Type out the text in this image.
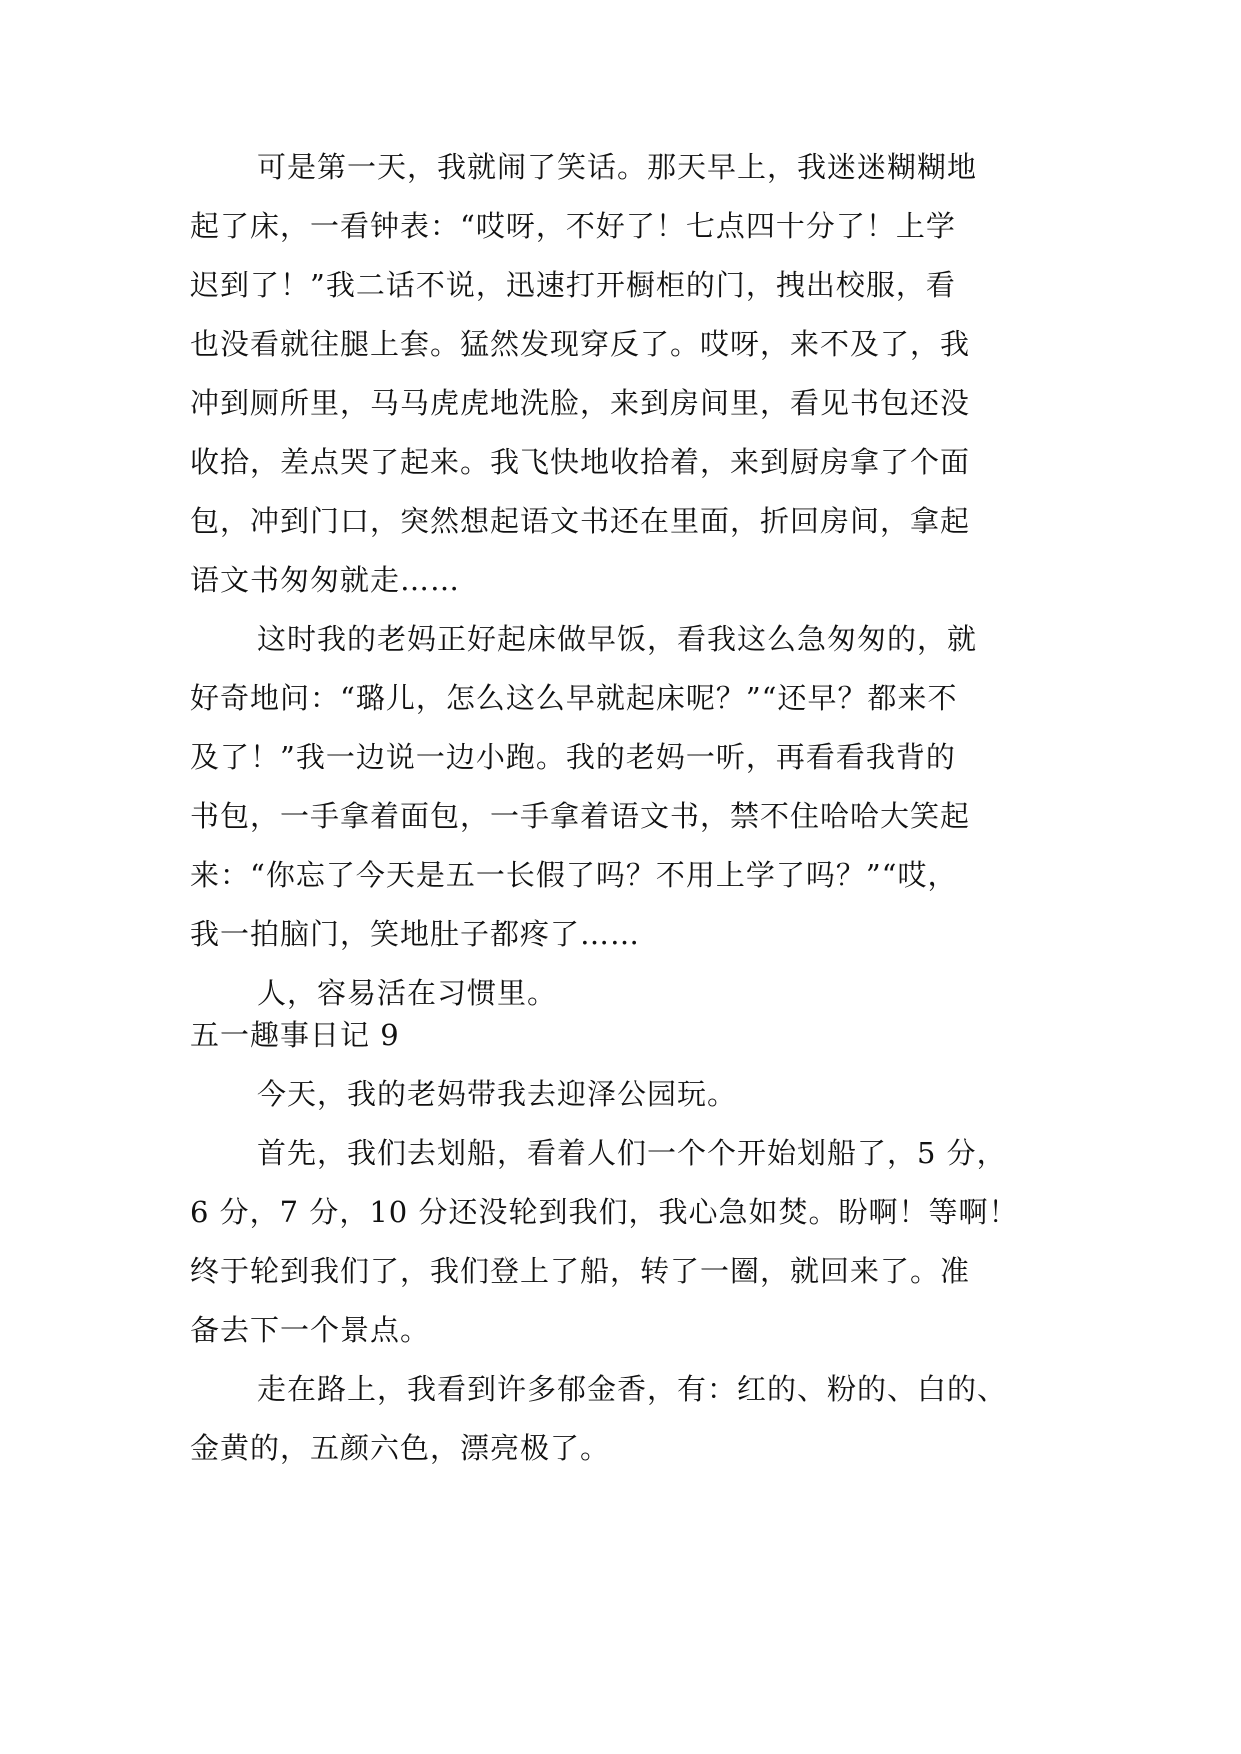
可是第一天，我就闹了笑话。那天早上，我迷迷糊糊地
起了床，一看钟表：“哎呀，不好了！七点四十分了！上学
迟到了！”我二话不说，迅速打开橱柜的门，拽出校服，看
也没看就往腿上套。猛然发现穿反了。哎呀，来不及了，我
冲到厕所里，马马虎虎地洗脸，来到房间里，看见书包还没
收拾，差点哭了起来。我飞快地收拾着，来到厨房拿了个面
包，冲到门口，突然想起语文书还在里面，折回房间，拿起
语文书匆匆就走……
这时我的老妈正好起床做早饭，看我这么急匆匆的，就
好奇地问：“璐儿，怎么这么早就起床呢？”“还早？都来不
及了！”我一边说一边小跑。我的老妈一听，再看看我背的
书包，一手拿着面包，一手拿着语文书，禁不住哈哈大笑起
来：“你忘了今天是五一长假了吗？不用上学了吗？”“哎，
我一拍脑门，笑地肚子都疼了……
人，容易活在习惯里。
五一趣事日记 9
今天，我的老妈带我去迎泽公园玩。
首先，我们去划船，看着人们一个个开始划船了，5 分，
6 分，7 分，10 分还没轮到我们，我心急如焚。盼啊！等啊！
终于轮到我们了，我们登上了船，转了一圈，就回来了。准
备去下一个景点。
走在路上，我看到许多郁金香，有：红的、粉的、白的、
金黄的，五颜六色，漂亮极了。
